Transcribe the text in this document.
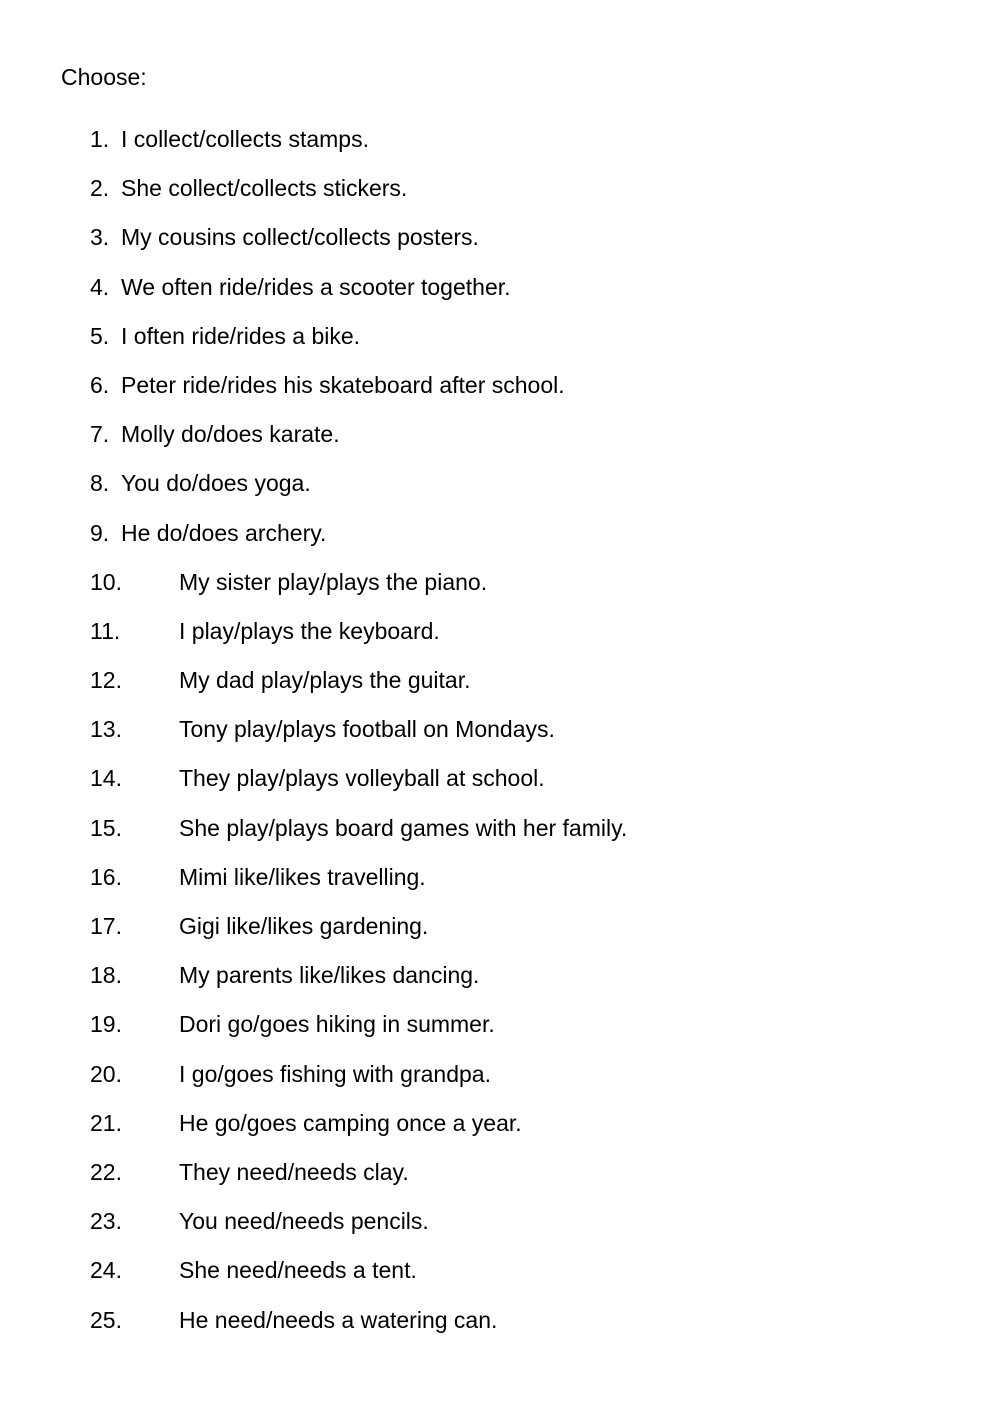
Choose:
1. I collect/collects stamps.
2. She collect/collects stickers.
3. My cousins collect/collects posters.
4. We often ride/rides a scooter together.
5. I often ride/rides a bike.
6. Peter ride/rides his skateboard after school.
7. Molly do/does karate.
8. You do/does yoga.
9. He do/does archery.
10. My sister play/plays the piano.
11.	I play/plays the keyboard.
12. My dad play/plays the guitar.
13. Tony play/plays football on Mondays.
14. They play/plays volleyball at school.
15. She play/plays board games with her family.
16. Mimi like/likes travelling.
17. Gigi like/likes gardening.
18. My parents like/likes dancing.
19. Dori go/goes hiking in summer.
20. I go/goes fishing with grandpa.
21. He go/goes camping once a year.
22. They need/needs clay.
23. You need/needs pencils.
24. She need/needs a tent.
25. He need/needs a watering can.
